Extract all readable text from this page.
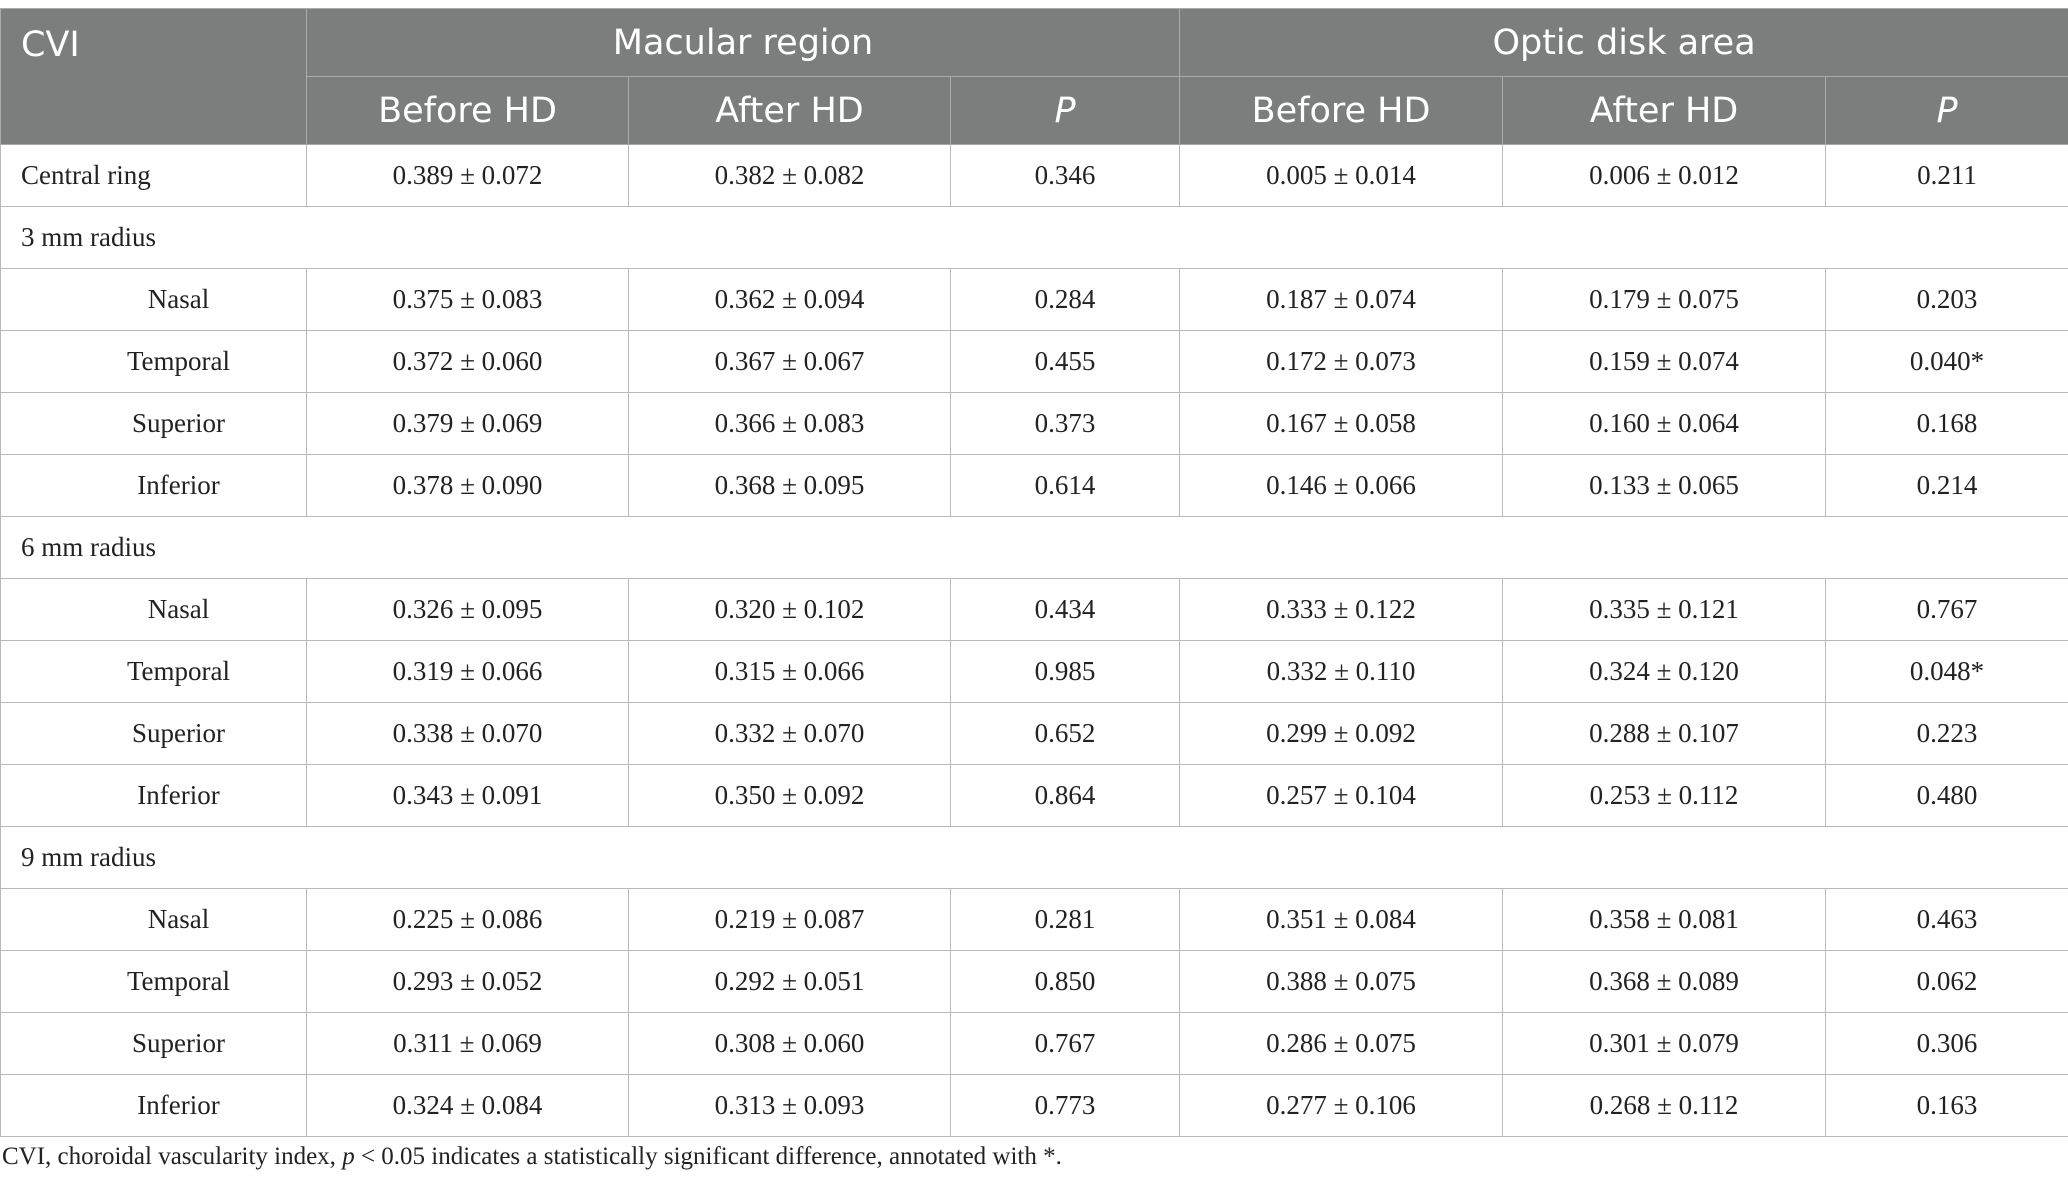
CVI	Macular region			Optic disk area		
	Before HD	After HD	P	Before HD	After HD	P
Central ring	0.389 ± 0.072	0.382 ± 0.082	0.346	0.005 ± 0.014	0.006 ± 0.012	0.211
3 mm radius						
Nasal	0.375 ± 0.083	0.362 ± 0.094	0.284	0.187 ± 0.074	0.179 ± 0.075	0.203
Temporal	0.372 ± 0.060	0.367 ± 0.067	0.455	0.172 ± 0.073	0.159 ± 0.074	0.040*
Superior	0.379 ± 0.069	0.366 ± 0.083	0.373	0.167 ± 0.058	0.160 ± 0.064	0.168
Inferior	0.378 ± 0.090	0.368 ± 0.095	0.614	0.146 ± 0.066	0.133 ± 0.065	0.214
6 mm radius						
Nasal	0.326 ± 0.095	0.320 ± 0.102	0.434	0.333 ± 0.122	0.335 ± 0.121	0.767
Temporal	0.319 ± 0.066	0.315 ± 0.066	0.985	0.332 ± 0.110	0.324 ± 0.120	0.048*
Superior	0.338 ± 0.070	0.332 ± 0.070	0.652	0.299 ± 0.092	0.288 ± 0.107	0.223
Inferior	0.343 ± 0.091	0.350 ± 0.092	0.864	0.257 ± 0.104	0.253 ± 0.112	0.480
9 mm radius						
Nasal	0.225 ± 0.086	0.219 ± 0.087	0.281	0.351 ± 0.084	0.358 ± 0.081	0.463
Temporal	0.293 ± 0.052	0.292 ± 0.051	0.850	0.388 ± 0.075	0.368 ± 0.089	0.062
Superior	0.311 ± 0.069	0.308 ± 0.060	0.767	0.286 ± 0.075	0.301 ± 0.079	0.306
Inferior	0.324 ± 0.084	0.313 ± 0.093	0.773	0.277 ± 0.106	0.268 ± 0.112	0.163
CVI, choroidal vascularity index, p < 0.05 indicates a statistically significant difference, annotated with *.
